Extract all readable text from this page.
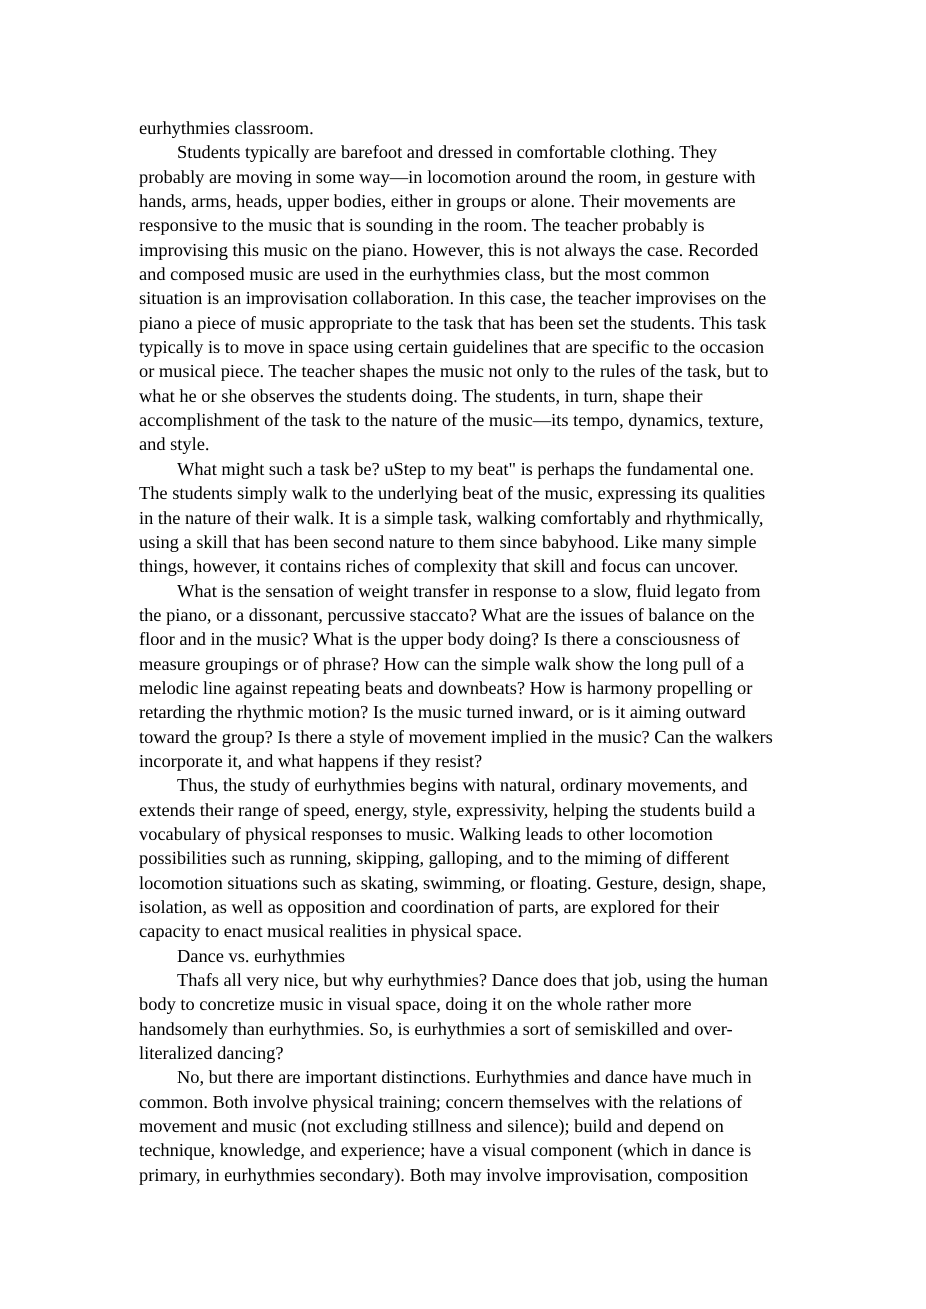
eurhythmies classroom.
Students typically are barefoot and dressed in comfortable clothing. They
probably are moving in some way—in locomotion around the room, in gesture with
hands, arms, heads, upper bodies, either in groups or alone. Their movements are
responsive to the music that is sounding in the room. The teacher probably is
improvising this music on the piano. However, this is not always the case. Recorded
and composed music are used in the eurhythmies class, but the most common
situation is an improvisation collaboration. In this case, the teacher improvises on the
piano a piece of music appropriate to the task that has been set the students. This task
typically is to move in space using certain guidelines that are specific to the occasion
or musical piece. The teacher shapes the music not only to the rules of the task, but to
what he or she observes the students doing. The students, in turn, shape their
accomplishment of the task to the nature of the music—its tempo, dynamics, texture,
and style.
What might such a task be? uStep to my beat" is perhaps the fundamental one.
The students simply walk to the underlying beat of the music, expressing its qualities
in the nature of their walk. It is a simple task, walking comfortably and rhythmically,
using a skill that has been second nature to them since babyhood. Like many simple
things, however, it contains riches of complexity that skill and focus can uncover.
What is the sensation of weight transfer in response to a slow, fluid legato from
the piano, or a dissonant, percussive staccato? What are the issues of balance on the
floor and in the music? What is the upper body doing? Is there a consciousness of
measure groupings or of phrase? How can the simple walk show the long pull of a
melodic line against repeating beats and downbeats? How is harmony propelling or
retarding the rhythmic motion? Is the music turned inward, or is it aiming outward
toward the group? Is there a style of movement implied in the music? Can the walkers
incorporate it, and what happens if they resist?
Thus, the study of eurhythmies begins with natural, ordinary movements, and
extends their range of speed, energy, style, expressivity, helping the students build a
vocabulary of physical responses to music. Walking leads to other locomotion
possibilities such as running, skipping, galloping, and to the miming of different
locomotion situations such as skating, swimming, or floating. Gesture, design, shape,
isolation, as well as opposition and coordination of parts, are explored for their
capacity to enact musical realities in physical space.
Dance vs. eurhythmies
Thafs all very nice, but why eurhythmies? Dance does that job, using the human
body to concretize music in visual space, doing it on the whole rather more
handsomely than eurhythmies. So, is eurhythmies a sort of semiskilled and over-
literalized dancing?
No, but there are important distinctions. Eurhythmies and dance have much in
common. Both involve physical training; concern themselves with the relations of
movement and music (not excluding stillness and silence); build and depend on
technique, knowledge, and experience; have a visual component (which in dance is
primary, in eurhythmies secondary). Both may involve improvisation, composition
